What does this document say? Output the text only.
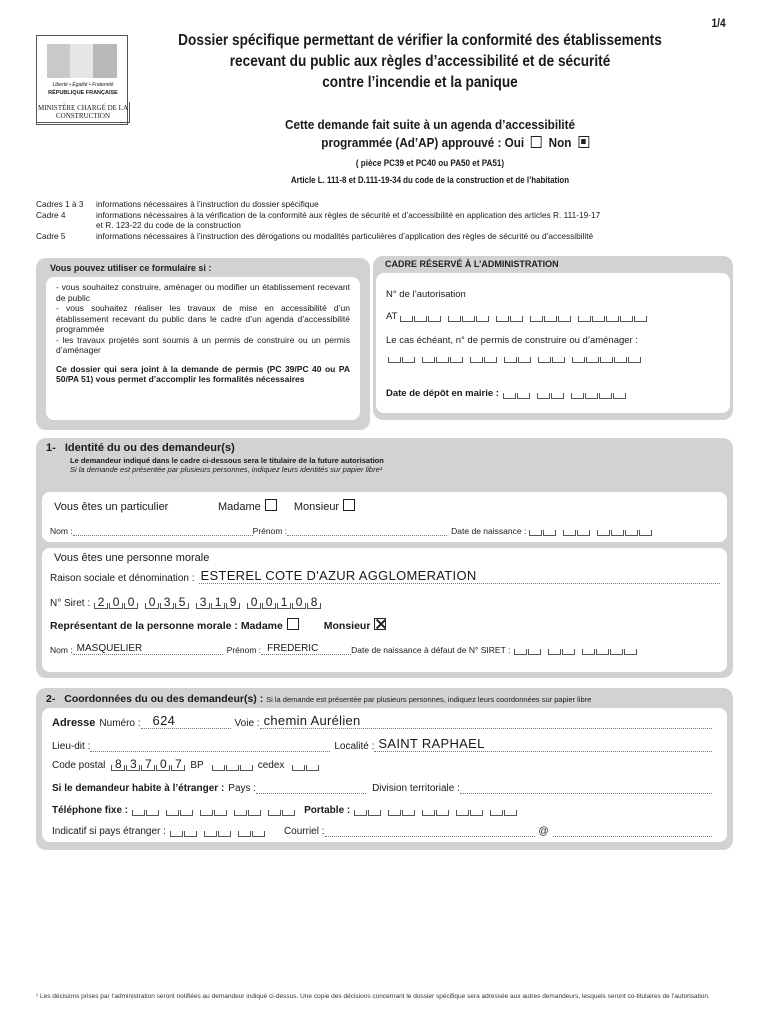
1/4
Liberté • Égalité • Fraternité
RÉPUBLIQUE FRANÇAISE
MINISTÈRE CHARGÉ DE LA CONSTRUCTION
Dossier spécifique permettant de vérifier la conformité des établissements
recevant du public aux règles d’accessibilité et de sécurité
contre l’incendie et la panique
Cette demande fait suite à un agenda d’accessibilité
programmée (Ad’AP) approuvé : Oui Non
( pièce PC39 et PC40 ou PA50 et PA51)
Article L. 111-8 et D.111-19-34 du code de la construction et de l’habitation
Cadres 1 à 3	informations nécessaires à l’instruction du dossier spécifique
Cadre 4	informations nécessaires à la vérification de la conformité aux règles de sécurité et d’accessibilité en application des articles R. 111-19-17
et R. 123-22 du code de la construction
Cadre 5	informations nécessaires à l’instruction des dérogations ou modalités particulières d’application des règles de sécurité ou d’accessibilité
Vous pouvez utiliser ce formulaire si :
- vous souhaitez construire, aménager ou modifier un établissement recevant de public
- vous souhaitez réaliser les travaux de mise en accessibilité d’un établissement recevant du public dans le cadre d’un agenda d’accessibilité programmée
- les travaux projetés sont soumis à un permis de construire ou un permis d’aménager
Ce dossier qui sera joint à la demande de permis (PC 39/PC 40 ou PA 50/PA 51) vous permet d’accomplir les formalités nécessaires
CADRE RÉSERVÉ À L’ADMINISTRATION
N° de l’autorisation
AT
Le cas échéant, n° de permis de construire ou d’aménager :
Date de dépôt en mairie :
1- Identité du ou des demandeur(s)
Le demandeur indiqué dans le cadre ci-dessous sera le titulaire de la future autorisation
Si la demande est présentée par plusieurs personnes, indiquez leurs identités sur papier libre¹
Vous êtes un particulier	Madame	Monsieur
Nom :	Prénom :	Date de naissance :
Vous êtes une personne morale
Raison sociale et dénomination : ESTEREL COTE D'AZUR AGGLOMERATION
N° Siret : 2 0 0 0 3 5 3 1 9 0 0 1 0 8
Représentant de la personne morale : Madame	Monsieur
Nom : MASQUELIER	Prénom : FREDERIC	Date de naissance à défaut de N° SIRET :
2- Coordonnées du ou des demandeur(s) : Si la demande est présentée par plusieurs personnes, indiquez leurs coordonnées sur papier libre
Adresse Numéro : 624	Voie : chemin Aurélien
Lieu-dit :	Localité : SAINT RAPHAEL
Code postal 8 3 7 0 7 BP	cedex
Si le demandeur habite à l’étranger : Pays :	Division territoriale :
Téléphone fixe :	Portable :
Indicatif si pays étranger :	Courriel :	@
¹ Les décisions prises par l’administration seront notifiées au demandeur indiqué ci-dessus. Une copie des décisions concernant le dossier spécifique sera adressée aux autres demandeurs, lesquels seront co-titulaires de l’autorisation.
